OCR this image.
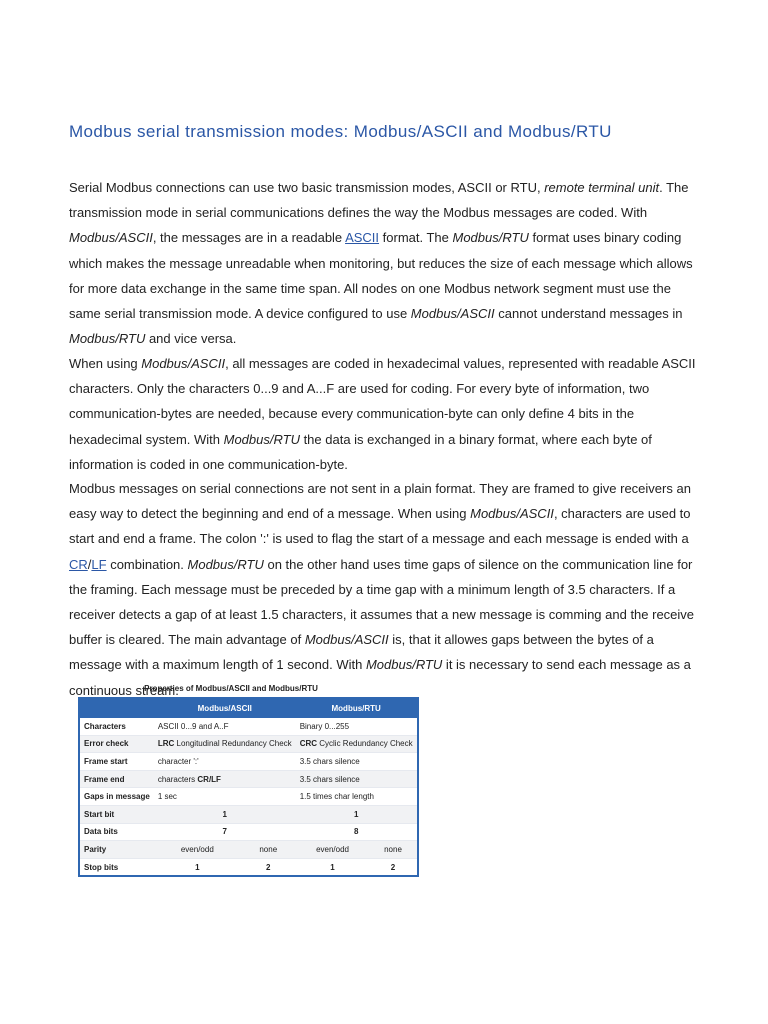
Modbus serial transmission modes: Modbus/ASCII and Modbus/RTU

Serial Modbus connections can use two basic transmission modes, ASCII or RTU, remote terminal unit. The transmission mode in serial communications defines the way the Modbus messages are coded. With Modbus/ASCII, the messages are in a readable ASCII format. The Modbus/RTU format uses binary coding which makes the message unreadable when monitoring, but reduces the size of each message which allows for more data exchange in the same time span. All nodes on one Modbus network segment must use the same serial transmission mode. A device configured to use Modbus/ASCII cannot understand messages in Modbus/RTU and vice versa.

When using Modbus/ASCII, all messages are coded in hexadecimal values, represented with readable ASCII characters. Only the characters 0...9 and A...F are used for coding. For every byte of information, two communication-bytes are needed, because every communication-byte can only define 4 bits in the hexadecimal system. With Modbus/RTU the data is exchanged in a binary format, where each byte of information is coded in one communication-byte.

Modbus messages on serial connections are not sent in a plain format. They are framed to give receivers an easy way to detect the beginning and end of a message. When using Modbus/ASCII, characters are used to start and end a frame. The colon ':' is used to flag the start of a message and each message is ended with a CR/LF combination. Modbus/RTU on the other hand uses time gaps of silence on the communication line for the framing. Each message must be preceded by a time gap with a minimum length of 3.5 characters. If a receiver detects a gap of at least 1.5 characters, it assumes that a new message is comming and the receive buffer is cleared. The main advantage of Modbus/ASCII is, that it allowes gaps between the bytes of a message with a maximum length of 1 second. With Modbus/RTU it is necessary to send each message as a continuous stream.

Properties of Modbus/ASCII and Modbus/RTU
	Modbus/ASCII		Modbus/RTU	
Characters	ASCII 0...9 and A..F		Binary 0...255	
Error check	LRC Longitudinal Redundancy Check		CRC Cyclic Redundancy Check	
Frame start	character ':'		3.5 chars silence	
Frame end	characters CR/LF		3.5 chars silence	
Gaps in message	1 sec		1.5 times char length	
Start bit	1		1	
Data bits	7		8	
Parity	even/odd	none	even/odd	none
Stop bits	1	2	1	2
